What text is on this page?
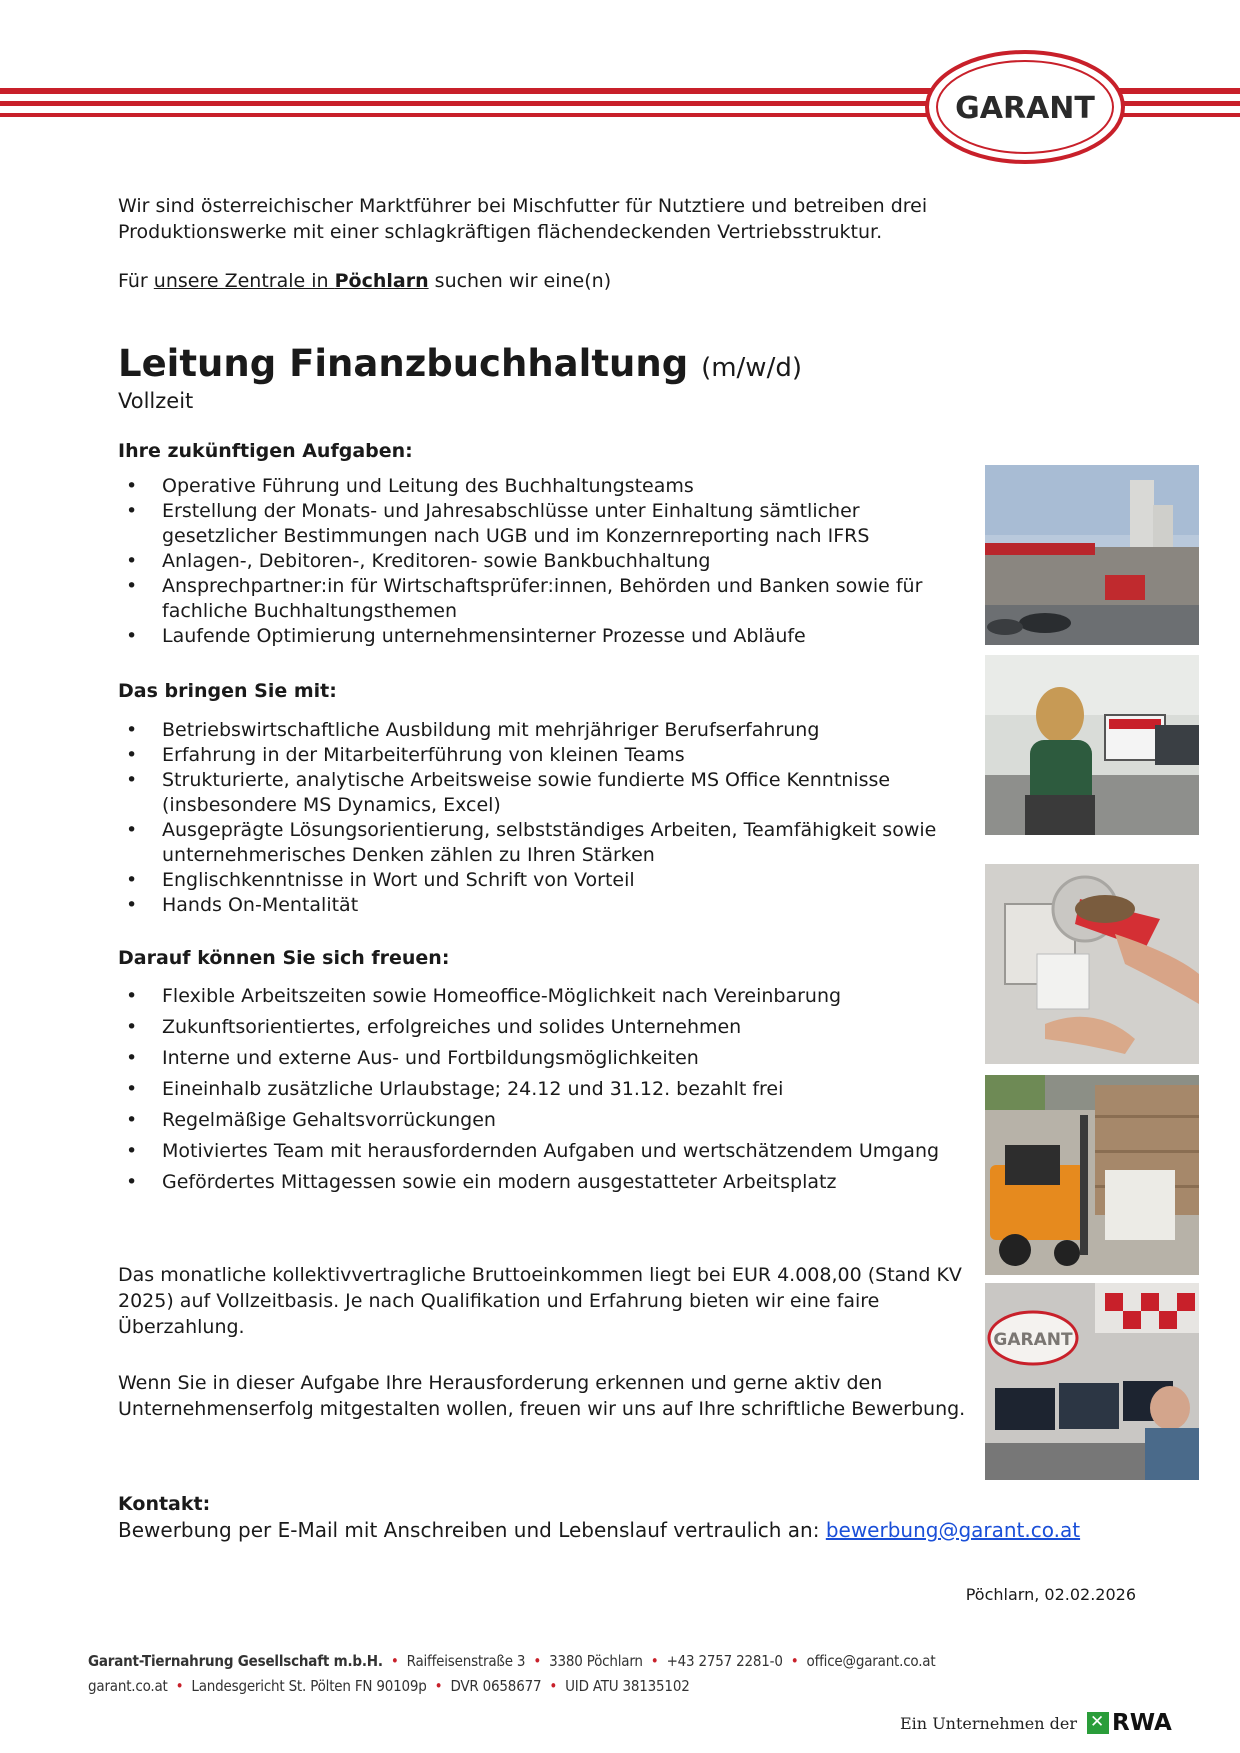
GARANT
Wir sind österreichischer Marktführer bei Mischfutter für Nutztiere und betreiben drei Produktionswerke mit einer schlagkräftigen flächendeckenden Vertriebsstruktur.
Für unsere Zentrale in Pöchlarn suchen wir eine(n)
Leitung Finanzbuchhaltung (m/w/d)
Vollzeit
Ihre zukünftigen Aufgaben:
• Operative Führung und Leitung des Buchhaltungsteams
• Erstellung der Monats- und Jahresabschlüsse unter Einhaltung sämtlicher gesetzlicher Bestimmungen nach UGB und im Konzernreporting nach IFRS
• Anlagen-, Debitoren-, Kreditoren- sowie Bankbuchhaltung
• Ansprechpartner:in für Wirtschaftsprüfer:innen, Behörden und Banken sowie für fachliche Buchhaltungsthemen
• Laufende Optimierung unternehmensinterner Prozesse und Abläufe
Das bringen Sie mit:
• Betriebswirtschaftliche Ausbildung mit mehrjähriger Berufserfahrung
• Erfahrung in der Mitarbeiterführung von kleinen Teams
• Strukturierte, analytische Arbeitsweise sowie fundierte MS Office Kenntnisse (insbesondere MS Dynamics, Excel)
• Ausgeprägte Lösungsorientierung, selbstständiges Arbeiten, Teamfähigkeit sowie unternehmerisches Denken zählen zu Ihren Stärken
• Englischkenntnisse in Wort und Schrift von Vorteil
• Hands On-Mentalität
Darauf können Sie sich freuen:
• Flexible Arbeitszeiten sowie Homeoffice-Möglichkeit nach Vereinbarung
• Zukunftsorientiertes, erfolgreiches und solides Unternehmen
• Interne und externe Aus- und Fortbildungsmöglichkeiten
• Eineinhalb zusätzliche Urlaubstage; 24.12 und 31.12. bezahlt frei
• Regelmäßige Gehaltsvorrückungen
• Motiviertes Team mit herausfordernden Aufgaben und wertschätzendem Umgang
• Gefördertes Mittagessen sowie ein modern ausgestatteter Arbeitsplatz
Das monatliche kollektivvertragliche Bruttoeinkommen liegt bei EUR 4.008,00 (Stand KV 2025) auf Vollzeitbasis. Je nach Qualifikation und Erfahrung bieten wir eine faire Überzahlung.
Wenn Sie in dieser Aufgabe Ihre Herausforderung erkennen und gerne aktiv den Unternehmenserfolg mitgestalten wollen, freuen wir uns auf Ihre schriftliche Bewerbung.
Kontakt:
Bewerbung per E-Mail mit Anschreiben und Lebenslauf vertraulich an: bewerbung@garant.co.at
Pöchlarn, 02.02.2026
GARANT
Garant-Tiernahrung Gesellschaft m.b.H. • Raiffeisenstraße 3 • 3380 Pöchlarn • +43 2757 2281-0 • office@garant.co.at
garant.co.at • Landesgericht St. Pölten FN 90109p • DVR 0658677 • UID ATU 38135102
Ein Unternehmen der
✕ RWA
